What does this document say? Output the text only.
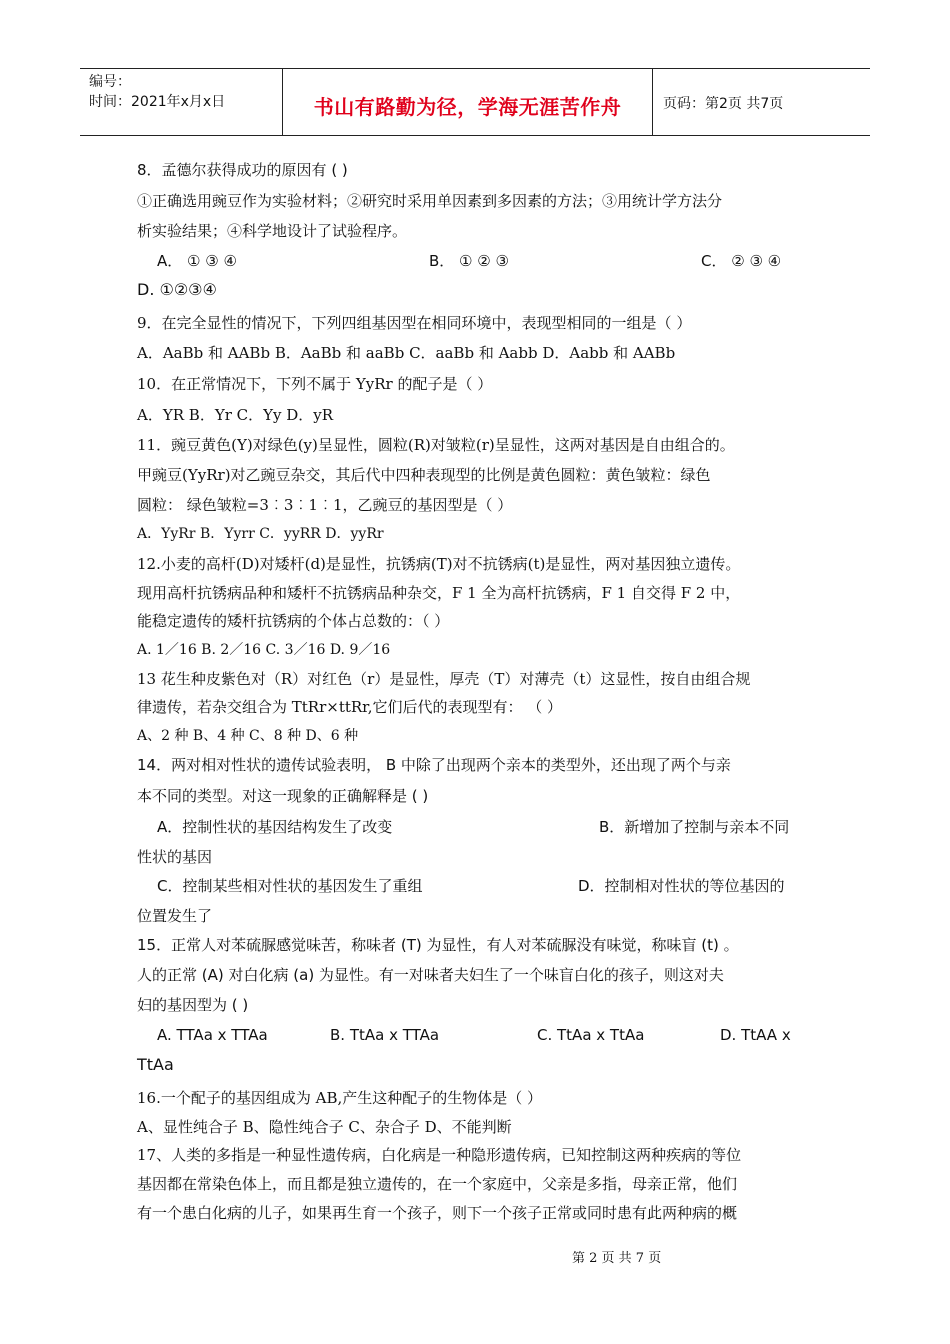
编号：
时间：2021年x月x日	书山有路勤为径，学海无涯苦作舟	页码：第2页 共7页
8．孟德尔获得成功的原因有 ( )
①正确选用豌豆作为实验材料；②研究时采用单因素到多因素的方法；③用统计学方法分
析实验结果；④科学地设计了试验程序。
A． ① ③ ④	B． ① ② ③	C． ② ③ ④
D. ①②③④
9．在完全显性的情况下，下列四组基因型在相同环境中，表现型相同的一组是（ ）
A．AaBb 和 AABb B．AaBb 和 aaBb C．aaBb 和 Aabb D．Aabb 和 AABb
10．在正常情况下，下列不属于 YyRr 的配子是（ ）
A．YR B．Yr C．Yy D．yR
11．豌豆黄色(Y)对绿色(y)呈显性，圆粒(R)对皱粒(r)呈显性，这两对基因是自由组合的。
甲豌豆(YyRr)对乙豌豆杂交，其后代中四种表现型的比例是黄色圆粒：黄色皱粒：绿色
圆粒： 绿色皱粒=3︰3︰1︰1，乙豌豆的基因型是（ ）
A．YyRr B．Yyrr C．yyRR D．yyRr
12.小麦的高杆(D)对矮杆(d)是显性，抗锈病(T)对不抗锈病(t)是显性，两对基因独立遗传。
现用高杆抗锈病品种和矮杆不抗锈病品种杂交，F 1 全为高杆抗锈病，F 1 自交得 F 2 中，
能稳定遗传的矮杆抗锈病的个体占总数的：（ ）
A. 1／16 B. 2／16 C. 3／16 D. 9／16
13 花生种皮紫色对（R）对红色（r）是显性，厚壳（T）对薄壳（t）这显性，按自由组合规
律遗传，若杂交组合为 TtRr×ttRr,它们后代的表现型有： （ ）
A、2 种 B、4 种 C、8 种 D、6 种
14．两对相对性状的遗传试验表明， B 中除了出现两个亲本的类型外，还出现了两个与亲
本不同的类型。对这一现象的正确解释是 ( )
A．控制性状的基因结构发生了改变	B．新增加了控制与亲本不同
性状的基因
C．控制某些相对性状的基因发生了重组	D．控制相对性状的等位基因的
位置发生了
15．正常人对苯硫脲感觉味苦，称味者 (T) 为显性，有人对苯硫脲没有味觉，称味盲 (t) 。
人的正常 (A) 对白化病 (a) 为显性。有一对味者夫妇生了一个味盲白化的孩子，则这对夫
妇的基因型为 ( )
A. TTAa x TTAa	B. TtAa x TTAa	C. TtAa x TtAa	D. TtAA x
TtAa
16.一个配子的基因组成为 AB,产生这种配子的生物体是（ ）
A、显性纯合子 B、隐性纯合子 C、杂合子 D、不能判断
17、人类的多指是一种显性遗传病，白化病是一种隐形遗传病，已知控制这两种疾病的等位
基因都在常染色体上，而且都是独立遗传的，在一个家庭中，父亲是多指，母亲正常，他们
有一个患白化病的儿子，如果再生育一个孩子，则下一个孩子正常或同时患有此两种病的概
第 2 页 共 7 页
